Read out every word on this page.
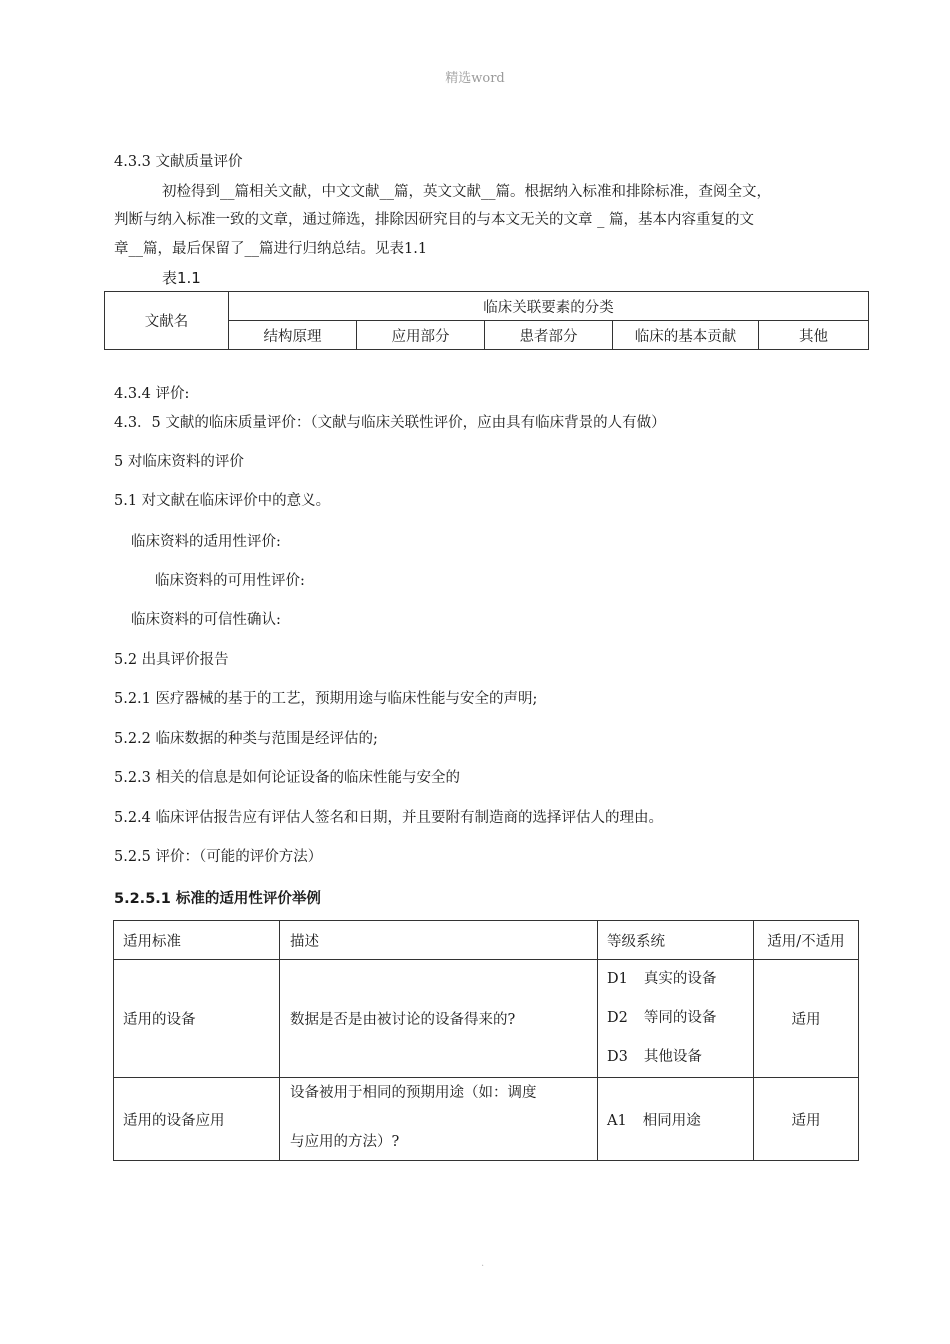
精选word
4.3.3 文献质量评价
初检得到__篇相关文献，中文文献__篇，英文文献__篇。根据纳入标准和排除标准，查阅全文，
判断与纳入标准一致的文章，通过筛选，排除因研究目的与本文无关的文章 _ 篇，基本内容重复的文
章__篇，最后保留了__篇进行归纳总结。见表1.1
表1.1
文献名	临床关联要素的分类				
	结构原理	应用部分	患者部分	临床的基本贡献	其他
4.3.4 评价:
4.3．5 文献的临床质量评价：（文献与临床关联性评价，应由具有临床背景的人有做）
5 对临床资料的评价
5.1 对文献在临床评价中的意义。
临床资料的适用性评价:
临床资料的可用性评价:
临床资料的可信性确认:
5.2 出具评价报告
5.2.1 医疗器械的基于的工艺，预期用途与临床性能与安全的声明;
5.2.2 临床数据的种类与范围是经评估的;
5.2.3 相关的信息是如何论证设备的临床性能与安全的
5.2.4 临床评估报告应有评估人签名和日期，并且要附有制造商的选择评估人的理由。
5.2.5 评价：（可能的评价方法）
5.2.5.1 标准的适用性评价举例
适用标准	描述	等级系统	适用/不适用
适用的设备	数据是否是由被讨论的设备得来的?	D1 真实的设备
D2 等同的设备
D3 其他设备	适用
适用的设备应用	设备被用于相同的预期用途（如：调度
与应用的方法）?	A1 相同用途	适用
.
